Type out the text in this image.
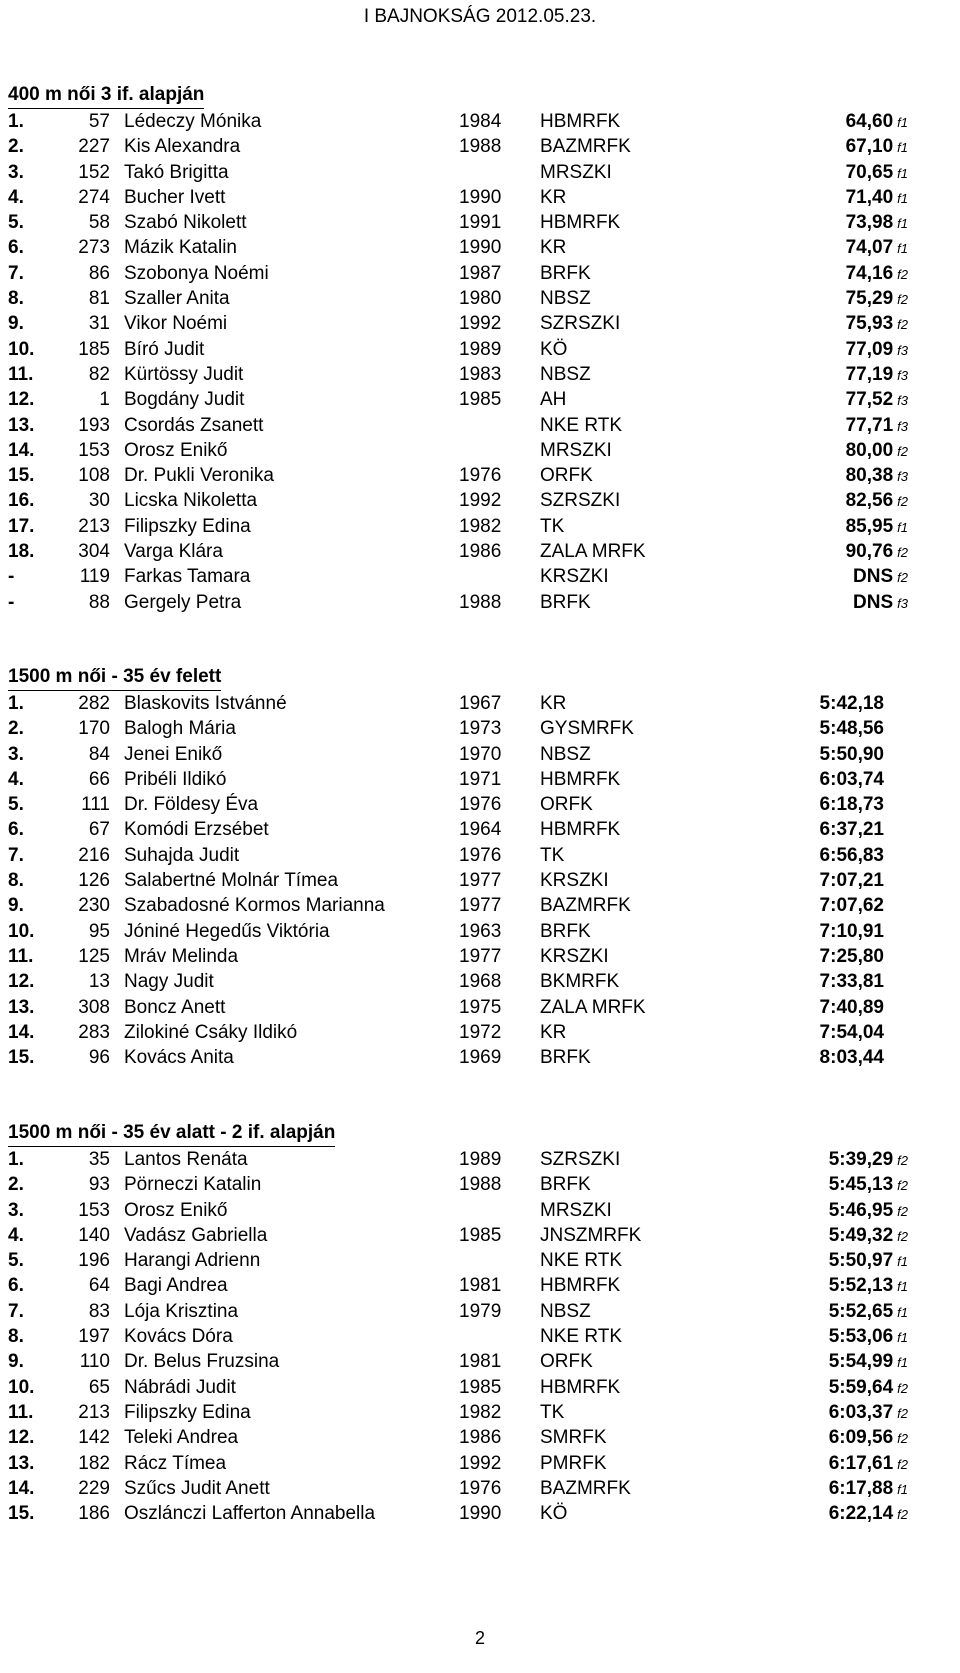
I BAJNOKSÁG 2012.05.23.
400 m női 3 if. alapján
1.	57 Lédeczy Mónika	1984 HBMRFK	64,60 f1
2.	227 Kis Alexandra	1988 BAZMRFK	67,10 f1
3.	152 Takó Brigitta	MRSZKI	70,65 f1
4.	274 Bucher Ivett	1990 KR	71,40 f1
5.	58 Szabó Nikolett	1991 HBMRFK	73,98 f1
6.	273 Mázik Katalin	1990 KR	74,07 f1
7.	86 Szobonya Noémi	1987 BRFK	74,16 f2
8.	81 Szaller Anita	1980 NBSZ	75,29 f2
9.	31 Vikor Noémi	1992 SZRSZKI	75,93 f2
10.	185 Bíró Judit	1989 KÖ	77,09 f3
11.	82 Kürtössy Judit	1983 NBSZ	77,19 f3
12.	1 Bogdány Judit	1985 AH	77,52 f3
13.	193 Csordás Zsanett	NKE RTK	77,71 f3
14.	153 Orosz Enikő	MRSZKI	80,00 f2
15.	108 Dr. Pukli Veronika	1976 ORFK	80,38 f3
16.	30 Licska Nikoletta	1992 SZRSZKI	82,56 f2
17.	213 Filipszky Edina	1982 TK	85,95 f1
18.	304 Varga Klára	1986 ZALA MRFK	90,76 f2
-	119 Farkas Tamara	KRSZKI	DNS f2
-	88 Gergely Petra	1988 BRFK	DNS f3
1500 m női - 35 év felett
1.	282 Blaskovits Istvánné	1967 KR	5:42,18
2.	170 Balogh Mária	1973 GYSMRFK	5:48,56
3.	84 Jenei Enikő	1970 NBSZ	5:50,90
4.	66 Pribéli Ildikó	1971 HBMRFK	6:03,74
5.	111 Dr. Földesy Éva	1976 ORFK	6:18,73
6.	67 Komódi Erzsébet	1964 HBMRFK	6:37,21
7.	216 Suhajda Judit	1976 TK	6:56,83
8.	126 Salabertné Molnár Tímea	1977 KRSZKI	7:07,21
9.	230 Szabadosné Kormos Marianna	1977 BAZMRFK	7:07,62
10.	95 Jóniné Hegedűs Viktória	1963 BRFK	7:10,91
11.	125 Mráv Melinda	1977 KRSZKI	7:25,80
12.	13 Nagy Judit	1968 BKMRFK	7:33,81
13.	308 Boncz Anett	1975 ZALA MRFK	7:40,89
14.	283 Zilokiné Csáky Ildikó	1972 KR	7:54,04
15.	96 Kovács Anita	1969 BRFK	8:03,44
1500 m női - 35 év alatt - 2 if. alapján
1.	35 Lantos Renáta	1989 SZRSZKI	5:39,29 f2
2.	93 Pörneczi Katalin	1988 BRFK	5:45,13 f2
3.	153 Orosz Enikő	MRSZKI	5:46,95 f2
4.	140 Vadász Gabriella	1985 JNSZMRFK	5:49,32 f2
5.	196 Harangi Adrienn	NKE RTK	5:50,97 f1
6.	64 Bagi Andrea	1981 HBMRFK	5:52,13 f1
7.	83 Lója Krisztina	1979 NBSZ	5:52,65 f1
8.	197 Kovács Dóra	NKE RTK	5:53,06 f1
9.	110 Dr. Belus Fruzsina	1981 ORFK	5:54,99 f1
10.	65 Nábrádi Judit	1985 HBMRFK	5:59,64 f2
11.	213 Filipszky Edina	1982 TK	6:03,37 f2
12.	142 Teleki Andrea	1986 SMRFK	6:09,56 f2
13.	182 Rácz Tímea	1992 PMRFK	6:17,61 f2
14.	229 Szűcs Judit Anett	1976 BAZMRFK	6:17,88 f1
15.	186 Oszlánczi Lafferton Annabella	1990 KÖ	6:22,14 f2
2
